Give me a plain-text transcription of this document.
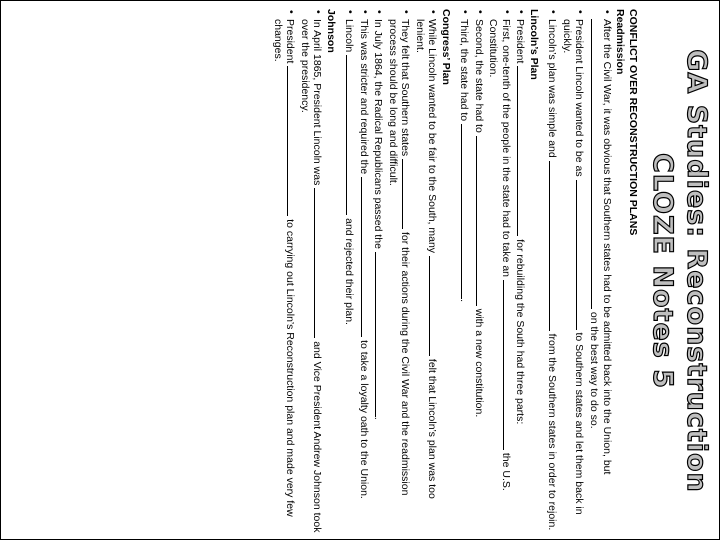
GA Studies: Reconstruction
CLOZE Notes 5
CONFLICT OVER RECONSTRUCTION PLANS
Readmission
• After the Civil War, it was obvious that Southern states had to be admitted back into the Union, but  on the best way to do so.
• President Lincoln wanted to be as  to Southern states and let them back in quickly.
• Lincoln’s plan was simple and  from the Southern states in order to rejoin.
Lincoln’s Plan
• President  for rebuilding the South had three parts:
• First, one-tenth of the people in the state had to take an  the U.S. Constitution.
• Second, the state had to  with a new constitution.
• Third, the state had to .
Congress’ Plan
• While Lincoln wanted to be fair to the South, many  felt that Lincoln’s plan was too lenient.
• They felt that Southern states  for their actions during the Civil War and the readmission process should be long and difficult.
• In July 1864, the Radical Republicans passed the .
• This was stricter and required the  to take a loyalty oath to the Union.
• Lincoln  and rejected their plan.
Johnson
• In April 1865, President Lincoln was  and Vice President Andrew Johnson took over the presidency.
• President  to carrying out Lincoln’s Reconstruction plan and made very few changes.
